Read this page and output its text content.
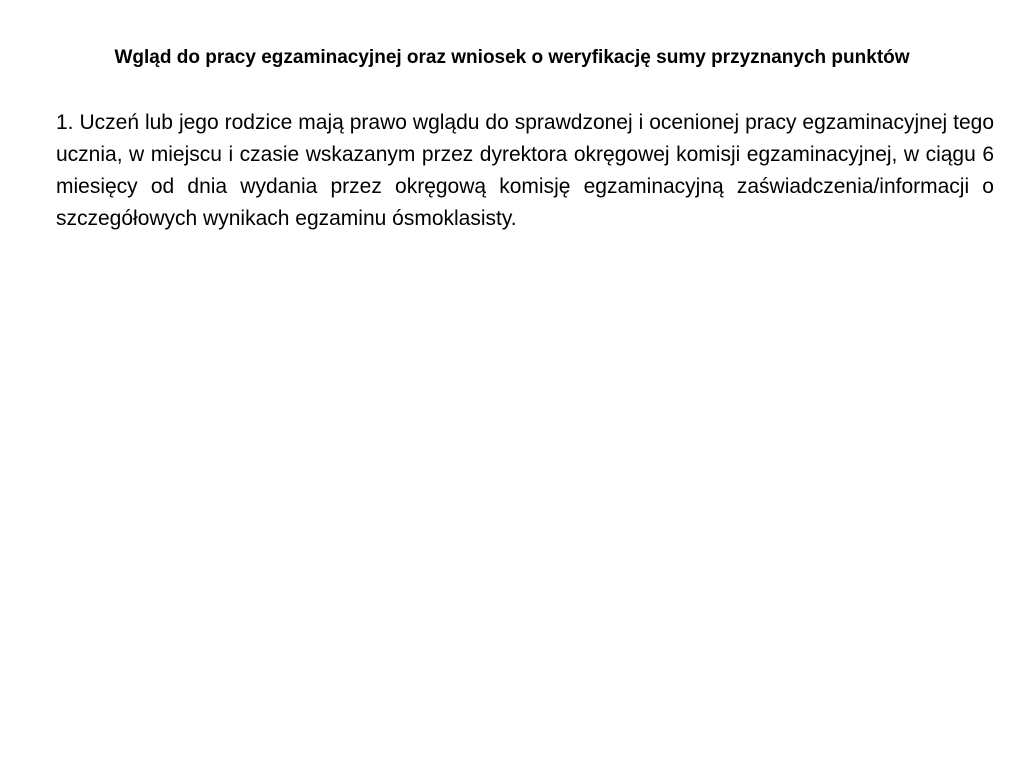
Wgląd do pracy egzaminacyjnej oraz wniosek o weryfikację sumy przyznanych punktów

1. Uczeń lub jego rodzice mają prawo wglądu do sprawdzonej i ocenionej pracy egzaminacyjnej tego ucznia, w miejscu i czasie wskazanym przez dyrektora okręgowej komisji egzaminacyjnej, w ciągu 6 miesięcy od dnia wydania przez okręgową komisję egzaminacyjną zaświadczenia/informacji o szczegółowych wynikach egzaminu ósmoklasisty.
